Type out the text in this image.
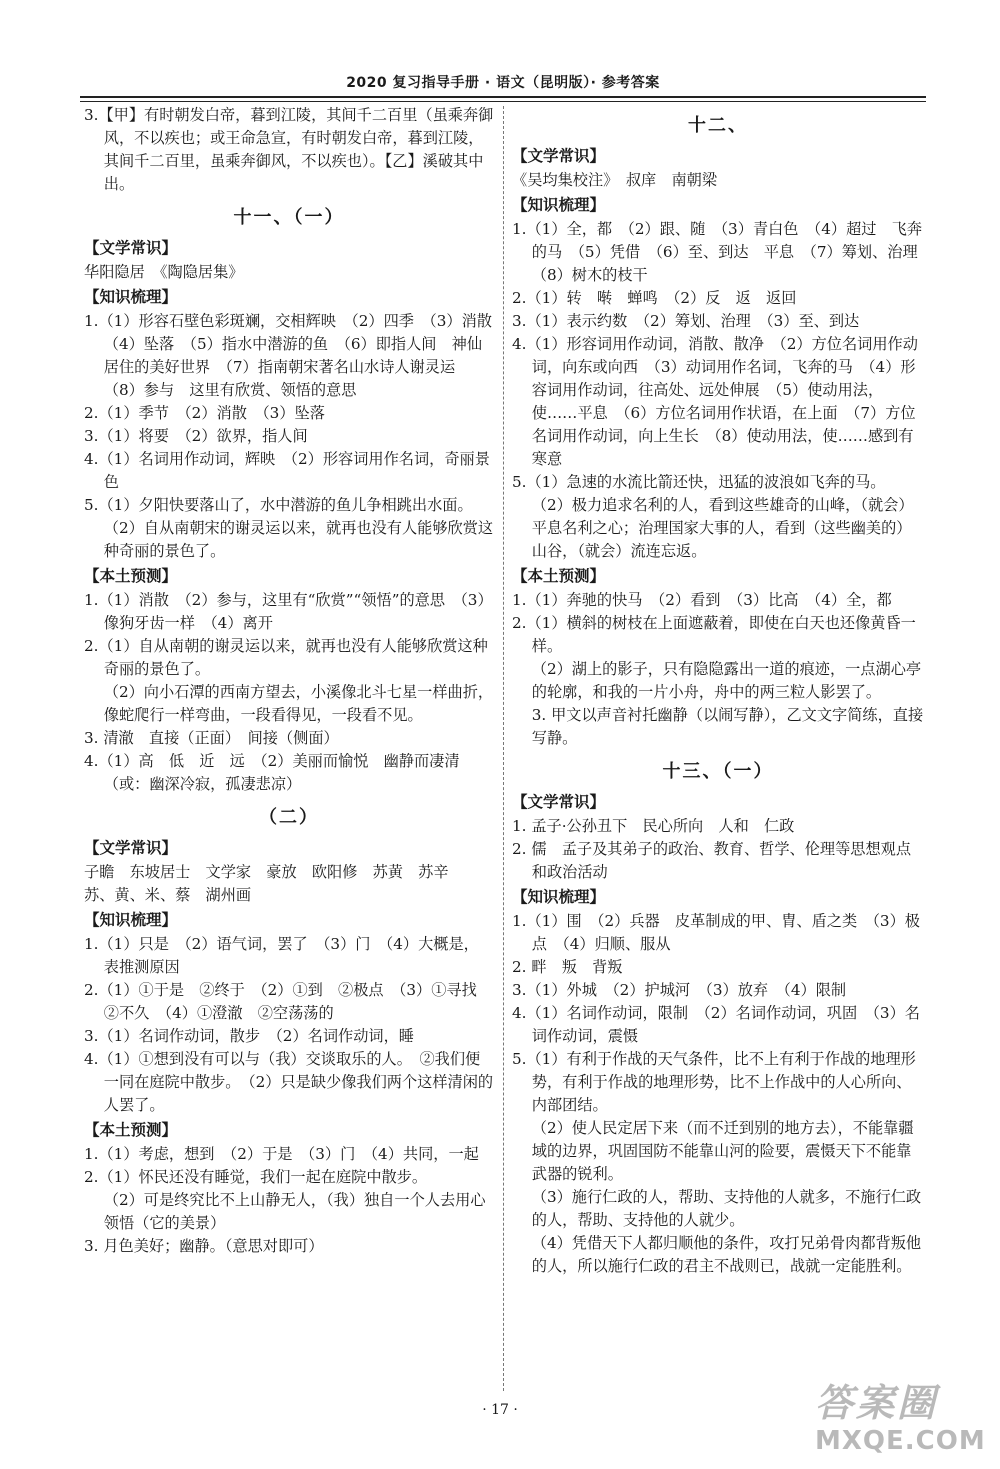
2020 复习指导手册 · 语文（昆明版）· 参考答案

3.【甲】有时朝发白帝，暮到江陵，其间千二百里（虽乘奔御风，不以疾也；或王命急宣，有时朝发白帝，暮到江陵，其间千二百里，虽乘奔御风，不以疾也）。【乙】溪破其中出。

十一、（一）

【文学常识】

华阳隐居　《陶隐居集》

【知识梳理】

1.（1）形容石壁色彩斑斓，交相辉映　（2）四季　（3）消散　（4）坠落　（5）指水中潜游的鱼　（6）即指人间　神仙居住的美好世界　（7）指南朝宋著名山水诗人谢灵运　（8）参与　这里有欣赏、领悟的意思

2.（1）季节　（2）消散　（3）坠落

3.（1）将要　（2）欲界，指人间

4.（1）名词用作动词，辉映　（2）形容词用作名词，奇丽景色

5.（1）夕阳快要落山了，水中潜游的鱼儿争相跳出水面。

（2）自从南朝宋的谢灵运以来，就再也没有人能够欣赏这种奇丽的景色了。

【本土预测】

1.（1）消散　（2）参与，这里有“欣赏”“领悟”的意思　（3）像狗牙齿一样　（4）离开

2.（1）自从南朝的谢灵运以来，就再也没有人能够欣赏这种奇丽的景色了。

（2）向小石潭的西南方望去，小溪像北斗七星一样曲折，像蛇爬行一样弯曲，一段看得见，一段看不见。

3. 清澈　直接（正面）　间接（侧面）

4.（1）高　低　近　远　（2）美丽而愉悦　幽静而凄清（或：幽深冷寂，孤凄悲凉）

（二）

【文学常识】

子瞻　东坡居士　文学家　豪放　欧阳修　苏黄　苏辛　苏、黄、米、蔡　湖州画

【知识梳理】

1.（1）只是　（2）语气词，罢了　（3）门　（4）大概是，表推测原因

2.（1）①于是　②终于　（2）①到　②极点　（3）①寻找　②不久　（4）①澄澈　②空荡荡的

3.（1）名词作动词，散步　（2）名词作动词，睡

4.（1）①想到没有可以与（我）交谈取乐的人。　②我们便一同在庭院中散步。　（2）只是缺少像我们两个这样清闲的人罢了。

【本土预测】

1.（1）考虑，想到　（2）于是　（3）门　（4）共同，一起

2.（1）怀民还没有睡觉，我们一起在庭院中散步。

（2）可是终究比不上山静无人，（我）独自一个人去用心领悟（它的美景）

3. 月色美好；幽静。（意思对即可）

十二、

【文学常识】

《吴均集校注》　叔庠　南朝梁

【知识梳理】

1.（1）全，都　（2）跟、随　（3）青白色　（4）超过　飞奔的马　（5）凭借　（6）至、到达　平息　（7）筹划、治理　（8）树木的枝干

2.（1）转　啭　蝉鸣　（2）反　返　返回

3.（1）表示约数　（2）筹划、治理　（3）至、到达

4.（1）形容词用作动词，消散、散净　（2）方位名词用作动词，向东或向西　（3）动词用作名词，飞奔的马　（4）形容词用作动词，往高处、远处伸展　（5）使动用法，使……平息　（6）方位名词用作状语，在上面　（7）方位名词用作动词，向上生长　（8）使动用法，使……感到有寒意

5.（1）急速的水流比箭还快，迅猛的波浪如飞奔的马。

（2）极力追求名利的人，看到这些雄奇的山峰，（就会）平息名利之心；治理国家大事的人，看到（这些幽美的）山谷，（就会）流连忘返。

【本土预测】

1.（1）奔驰的快马　（2）看到　（3）比高　（4）全，都

2.（1）横斜的树枝在上面遮蔽着，即使在白天也还像黄昏一样。

（2）湖上的影子，只有隐隐露出一道的痕迹，一点湖心亭的轮廓，和我的一片小舟，舟中的两三粒人影罢了。

3. 甲文以声音衬托幽静（以闹写静），乙文文字简练，直接写静。

十三、（一）

【文学常识】

1. 孟子·公孙丑下　民心所向　人和　仁政

2. 儒　孟子及其弟子的政治、教育、哲学、伦理等思想观点和政治活动

【知识梳理】

1.（1）围　（2）兵器　皮革制成的甲、胄、盾之类　（3）极点　（4）归顺、服从

2. 畔　叛　背叛

3.（1）外城　（2）护城河　（3）放弃　（4）限制

4.（1）名词作动词，限制　（2）名词作动词，巩固　（3）名词作动词，震慑

5.（1）有利于作战的天气条件，比不上有利于作战的地理形势，有利于作战的地理形势，比不上作战中的人心所向、内部团结。

（2）使人民定居下来（而不迁到别的地方去），不能靠疆域的边界，巩固国防不能靠山河的险要，震慑天下不能靠武器的锐利。

（3）施行仁政的人，帮助、支持他的人就多，不施行仁政的人，帮助、支持他的人就少。

（4）凭借天下人都归顺他的条件，攻打兄弟骨肉都背叛他的人，所以施行仁政的君主不战则已，战就一定能胜利。

· 17 ·	答案圈
MXQE.COM
